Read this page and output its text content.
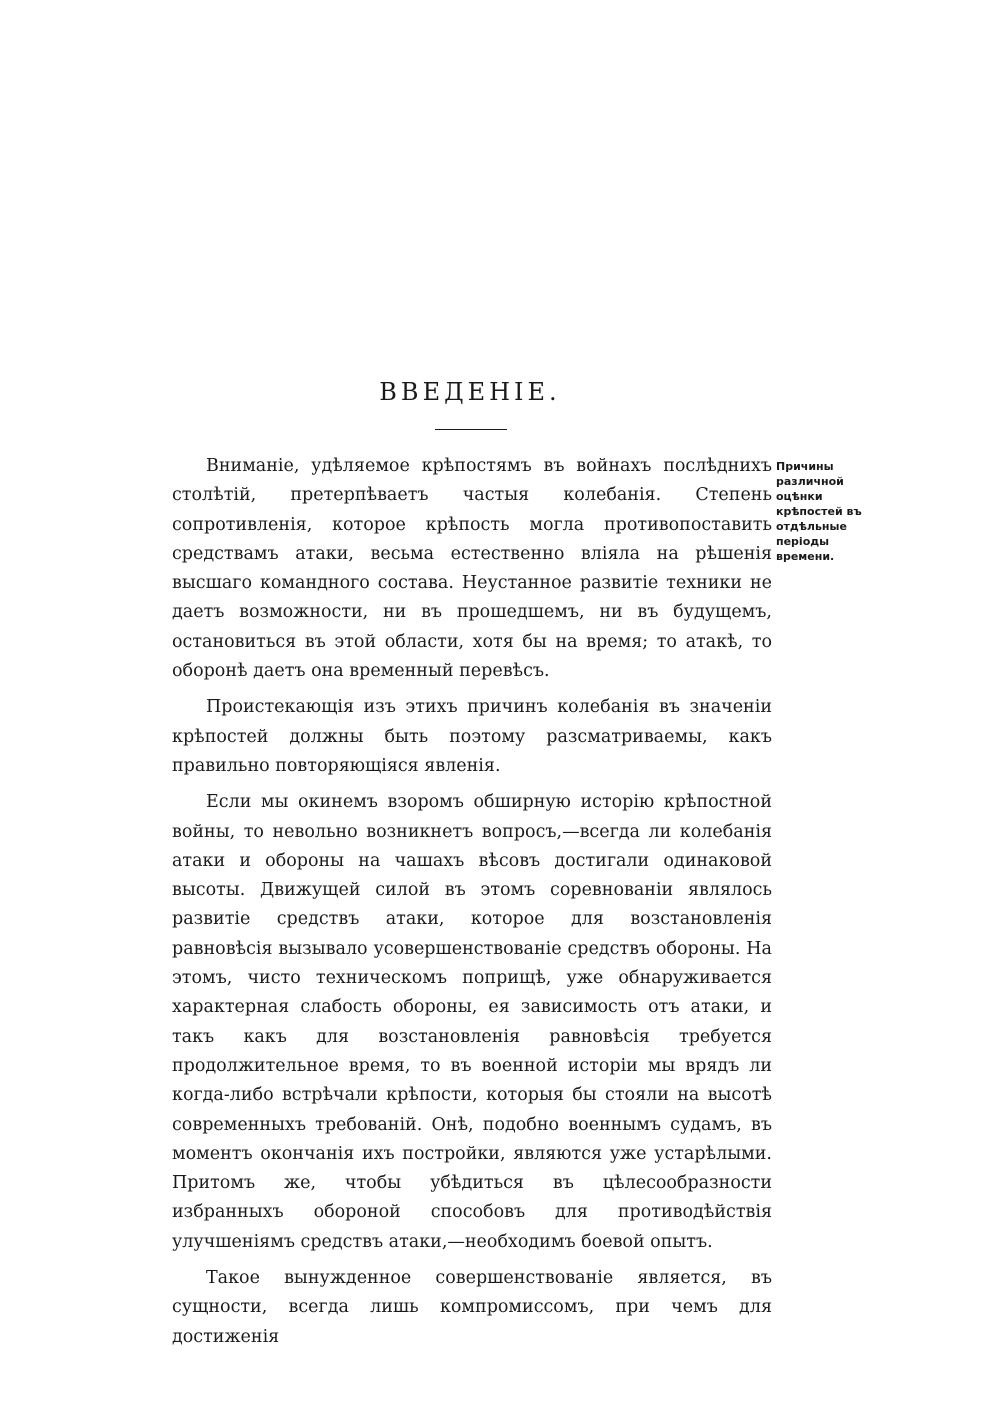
ВВЕДЕНІЕ.
Причины различной оцѣнки крѣпостей въ отдѣльные періоды времени.

Вниманіе, удѣляемое крѣпостямъ въ войнахъ послѣднихъ столѣтій, претерпѣваетъ частыя колебанія. Степень сопротивленія, которое крѣпость могла противопоставить средствамъ атаки, весьма естественно вліяла на рѣшенія высшаго командного состава. Неустанное развитіе техники не даетъ возможности, ни въ прошедшемъ, ни въ будущемъ, остановиться въ этой области, хотя бы на время; то атакѣ, то оборонѣ даетъ она временный перевѣсъ.

Проистекающія изъ этихъ причинъ колебанія въ значеніи крѣпостей должны быть поэтому разсматриваемы, какъ правильно повторяющіяся явленія.

Если мы окинемъ взоромъ обширную исторію крѣпостной войны, то невольно возникнетъ вопросъ,—всегда ли колебанія атаки и обороны на чашахъ вѣсовъ достигали одинаковой высоты. Движущей силой въ этомъ соревнованіи являлось развитіе средствъ атаки, которое для возстановленія равновѣсія вызывало усовершенствованіе средствъ обороны. На этомъ, чисто техническомъ поприщѣ, уже обнаруживается характерная слабость обороны, ея зависимость отъ атаки, и такъ какъ для возстановленія равновѣсія требуется продолжительное время, то въ военной исторіи мы врядъ ли когда-либо встрѣчали крѣпости, которыя бы стояли на высотѣ современныхъ требованій. Онѣ, подобно военнымъ судамъ, въ моментъ окончанія ихъ постройки, являются уже устарѣлыми. Притомъ же, чтобы убѣдиться въ цѣлесообразности избранныхъ обороной способовъ для противодѣйствія улучшеніямъ средствъ атаки,—необходимъ боевой опытъ.

Такое вынужденное совершенствованіе является, въ сущности, всегда лишь компромиссомъ, при чемъ для достиженія
